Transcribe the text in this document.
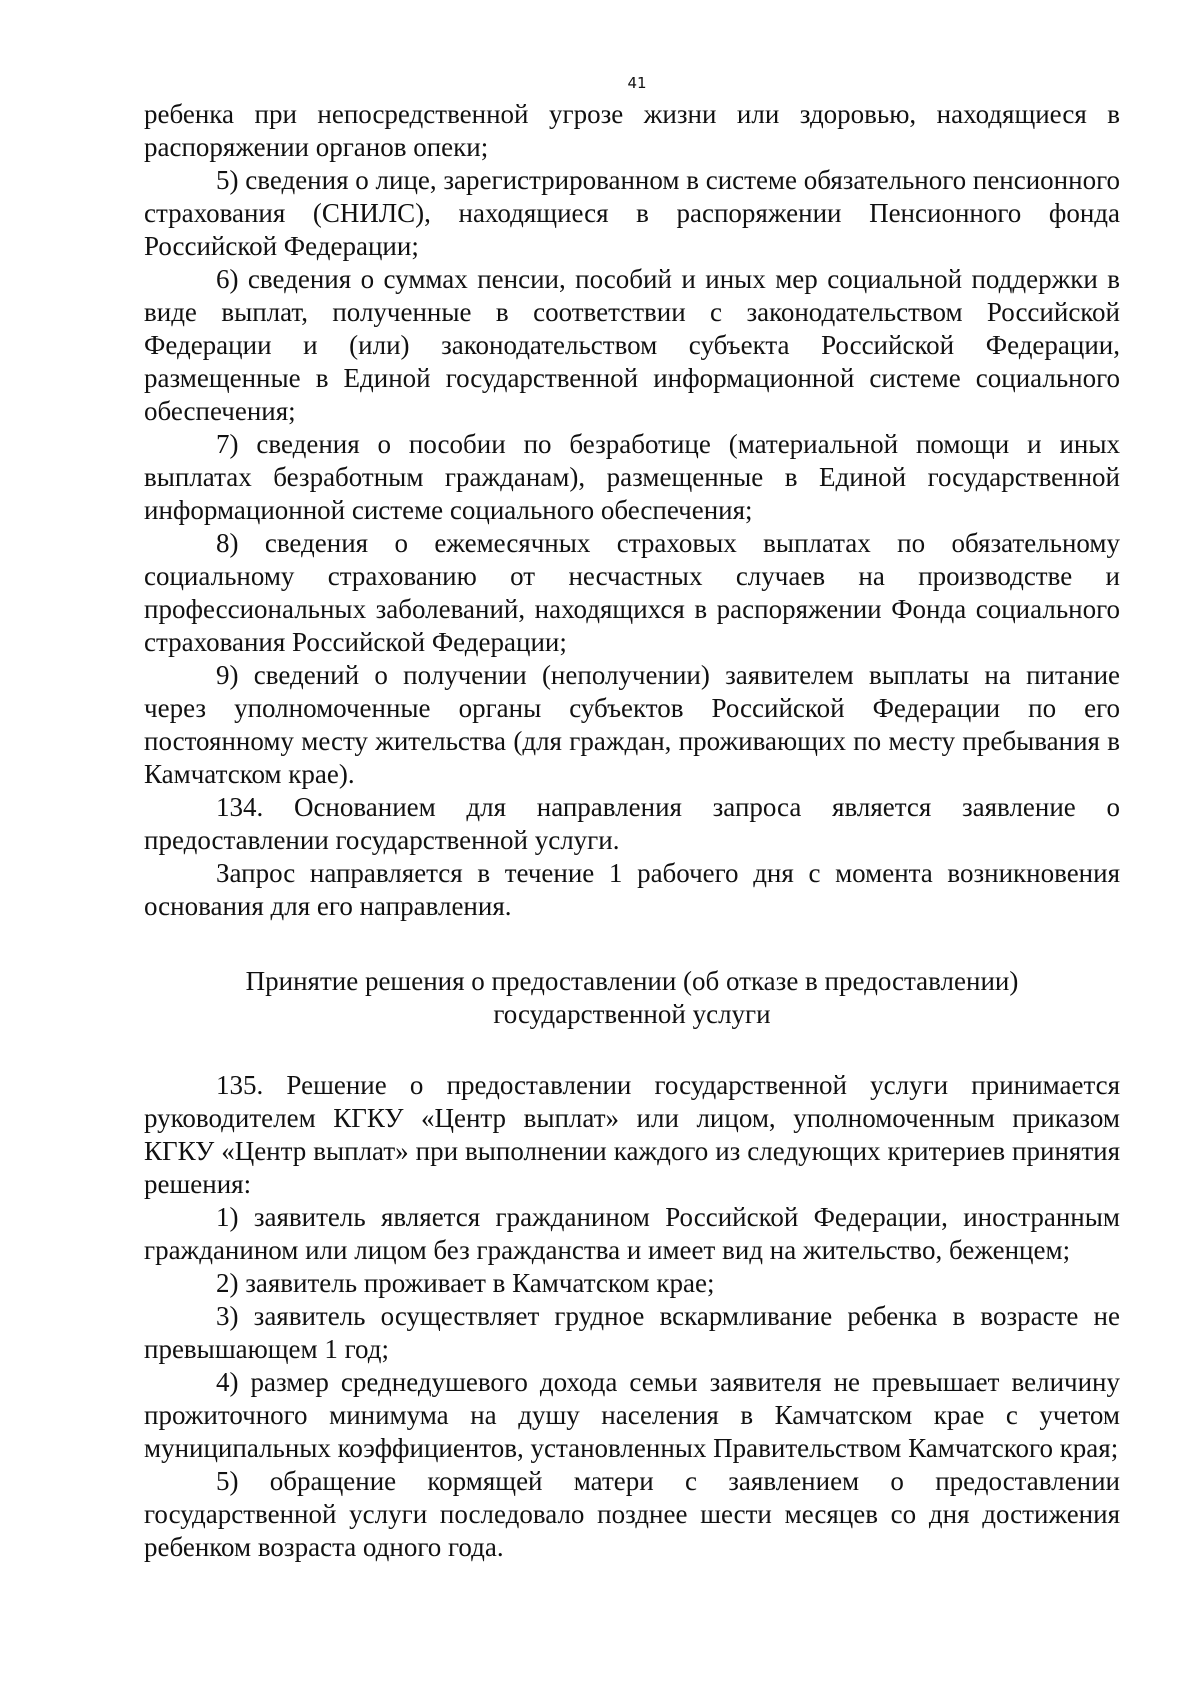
41

ребенка при непосредственной угрозе жизни или здоровью, находящиеся в распоряжении органов опеки;

5) сведения о лице, зарегистрированном в системе обязательного пенсионного страхования (СНИЛС), находящиеся в распоряжении Пенсионного фонда Российской Федерации;

6) сведения о суммах пенсии, пособий и иных мер социальной поддержки в виде выплат, полученные в соответствии с законодательством Российской Федерации и (или) законодательством субъекта Российской Федерации, размещенные в Единой государственной информационной системе социального обеспечения;

7) сведения о пособии по безработице (материальной помощи и иных выплатах безработным гражданам), размещенные в Единой государственной информационной системе социального обеспечения;

8) сведения о ежемесячных страховых выплатах по обязательному социальному страхованию от несчастных случаев на производстве и профессиональных заболеваний, находящихся в распоряжении Фонда социального страхования Российской Федерации;

9) сведений о получении (неполучении) заявителем выплаты на питание через уполномоченные органы субъектов Российской Федерации по его постоянному месту жительства (для граждан, проживающих по месту пребывания в Камчатском крае).

134. Основанием для направления запроса является заявление о предоставлении государственной услуги.

Запрос направляется в течение 1 рабочего дня с момента возникновения основания для его направления.

Принятие решения о предоставлении (об отказе в предоставлении)
государственной услуги

135. Решение о предоставлении государственной услуги принимается руководителем КГКУ «Центр выплат» или лицом, уполномоченным приказом КГКУ «Центр выплат» при выполнении каждого из следующих критериев принятия решения:

1) заявитель является гражданином Российской Федерации, иностранным гражданином или лицом без гражданства и имеет вид на жительство, беженцем;

2) заявитель проживает в Камчатском крае;

3) заявитель осуществляет грудное вскармливание ребенка в возрасте не превышающем 1 год;

4) размер среднедушевого дохода семьи заявителя не превышает величину прожиточного минимума на душу населения в Камчатском крае с учетом муниципальных коэффициентов, установленных Правительством Камчатского края;

5) обращение кормящей матери с заявлением о предоставлении государственной услуги последовало позднее шести месяцев со дня достижения ребенком возраста одного года.
